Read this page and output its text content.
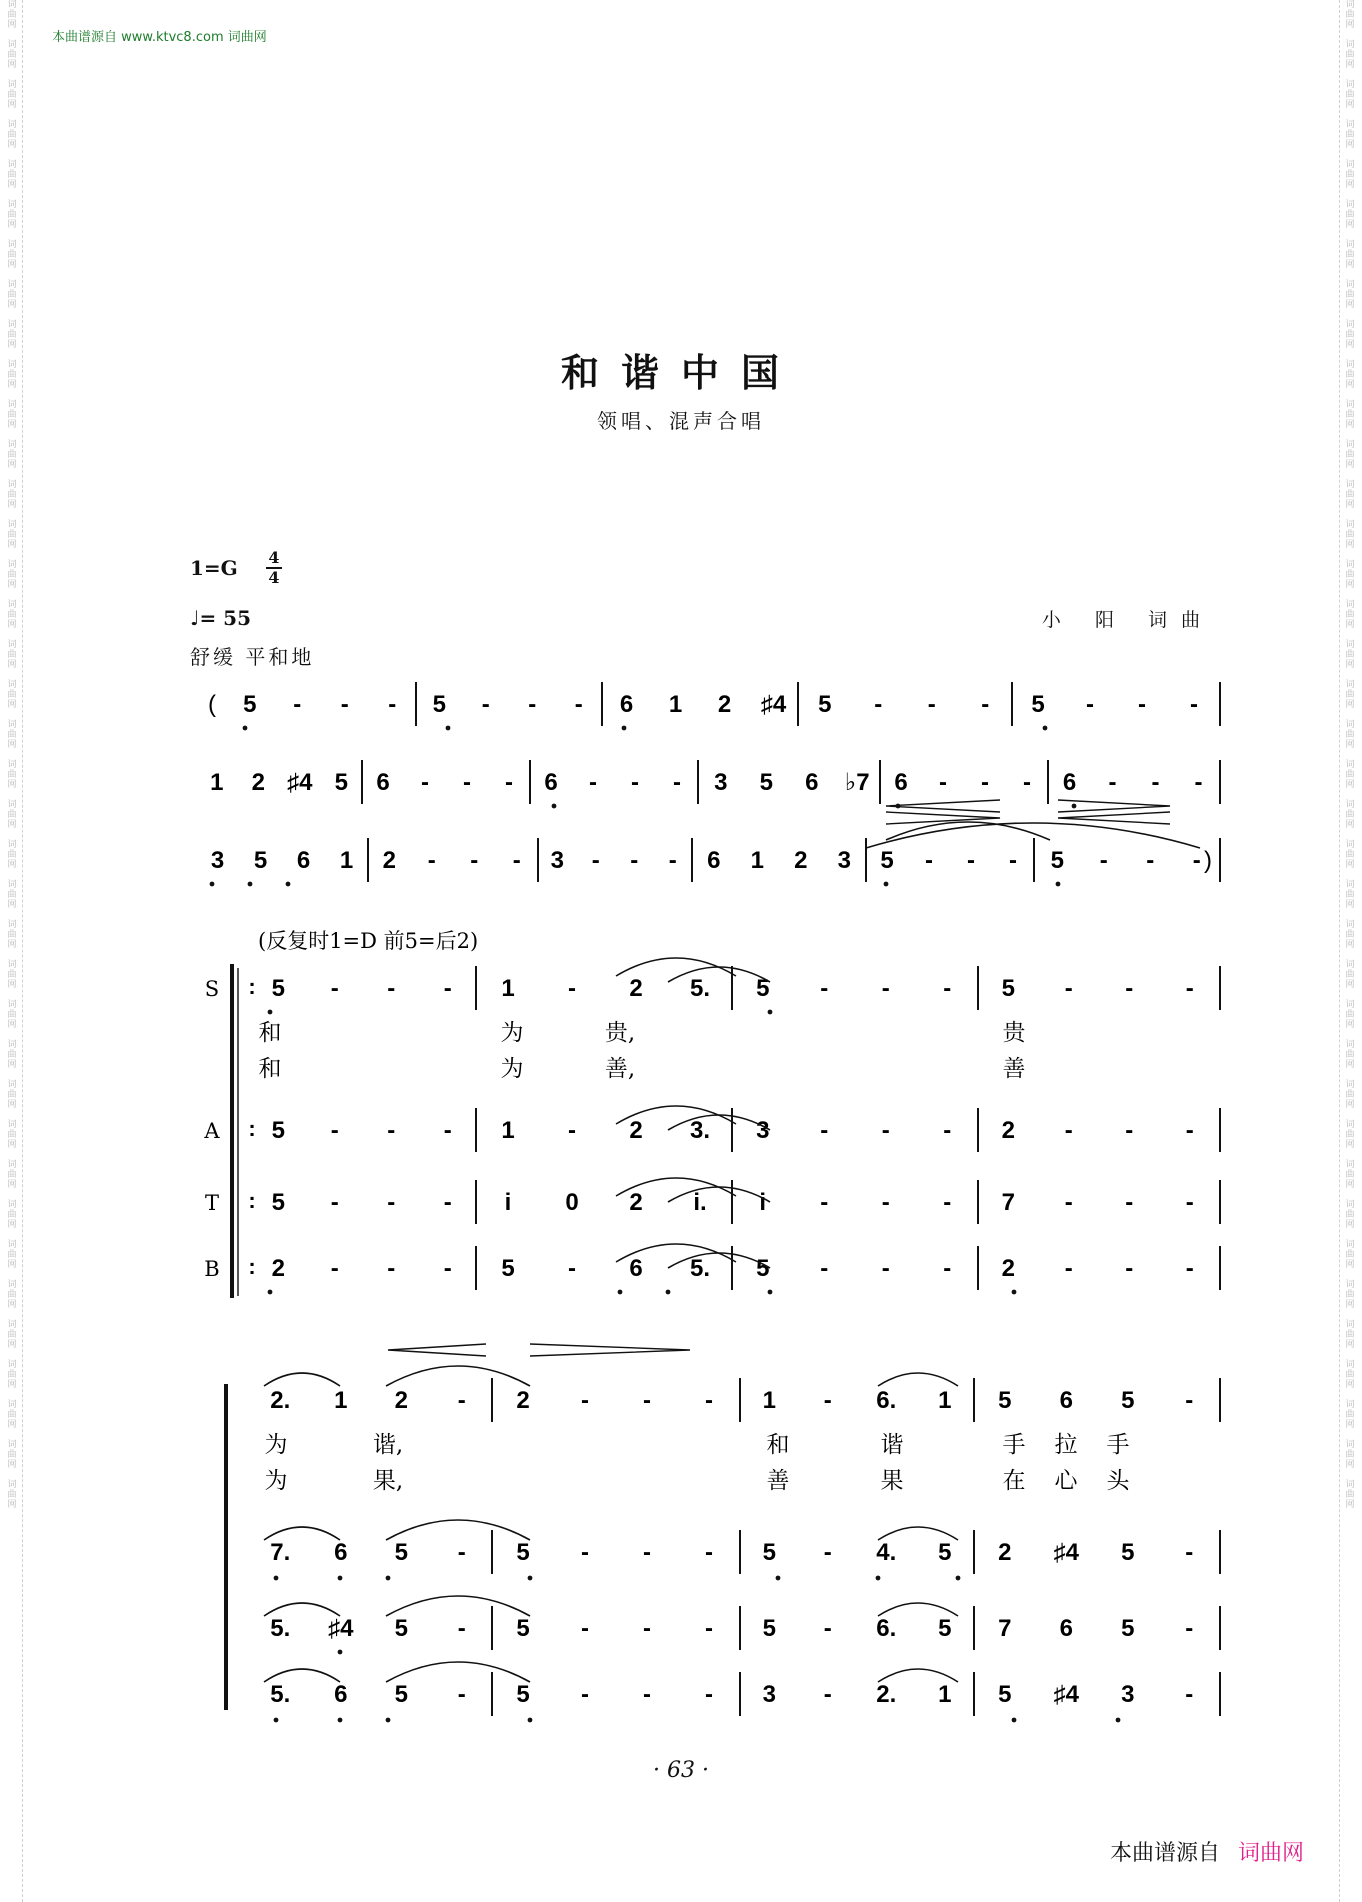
本曲谱源自 www.ktvc8.com 词曲网
词
曲
网

词
曲
网

词
曲
网

词
曲
网

词
曲
网

词
曲
网

词
曲
网

词
曲
网

词
曲
网

词
曲
网

词
曲
网

词
曲
网

词
曲
网

词
曲
网

词
曲
网

词
曲
网

词
曲
网

词
曲
网

词
曲
网

词
曲
网

词
曲
网

词
曲
网

词
曲
网

词
曲
网

词
曲
网

词
曲
网

词
曲
网

词
曲
网

词
曲
网

词
曲
网

词
曲
网

词
曲
网

词
曲
网

词
曲
网

词
曲
网

词
曲
网

词
曲
网

词
曲
网

词
曲
网

词
曲
网

词
曲
网

词
曲
网

词
曲
网

词
曲
网

词
曲
网

词
曲
网

词
曲
网

词
曲
网

词
曲
网

词
曲
网

词
曲
网

词
曲
网

词
曲
网

词
曲
网

词
曲
网

词
曲
网

词
曲
网

词
曲
网

词
曲
网

词
曲
网

词
曲
网

词
曲
网

词
曲
网

词
曲
网

词
曲
网

词
曲
网

词
曲
网

词
曲
网

词
曲
网

词
曲
网

词
曲
网

词
曲
网

词
曲
网

词
曲
网

词
曲
网

词
曲
网

和谐中国
领唱、混声合唱
1=G 4
4
♩= 55	小 阳 词曲
舒缓 平和地
( 5 - - - 5 - - - 6 1 2 ♯4 5 - - - 5 - - -
1 2 ♯4 5 6 - - - 6 - - - 3 5 6 ♭7 6 - - - 6 - - -
3 5 6 1 2 - - - 3 - - - 6 1 2 3 5 - - - 5 - - - )
(反复时1=D 前5=后2)
S
A
T
B
5 - - - 1 - 2 5. 5 - - - 5 - - -
5 - - - 1 - 2 3. 3 - - - 2 - - -
5 - - - i 0 2 i. i - - - 7 - - -
2 - - - 5 - 6 5. 5 - - - 2 - - -
:
:
:
:
和	为	贵,	贵
和	为	善,	善
2. 1 2 - 2 - - - 1 - 6. 1 5 6 5 -
7. 6 5 - 5 - - - 5 - 4. 5 2 ♯4 5 -
5. ♯4 5 - 5 - - - 5 - 6. 5 7 6 5 -
5. 6 5 - 5 - - - 3 - 2. 1 5 ♯4 3 -
为	谐,	和	谐	手 拉 手
为	果,	善	果	在 心 头
· 63 ·
本曲谱源自 词曲网
